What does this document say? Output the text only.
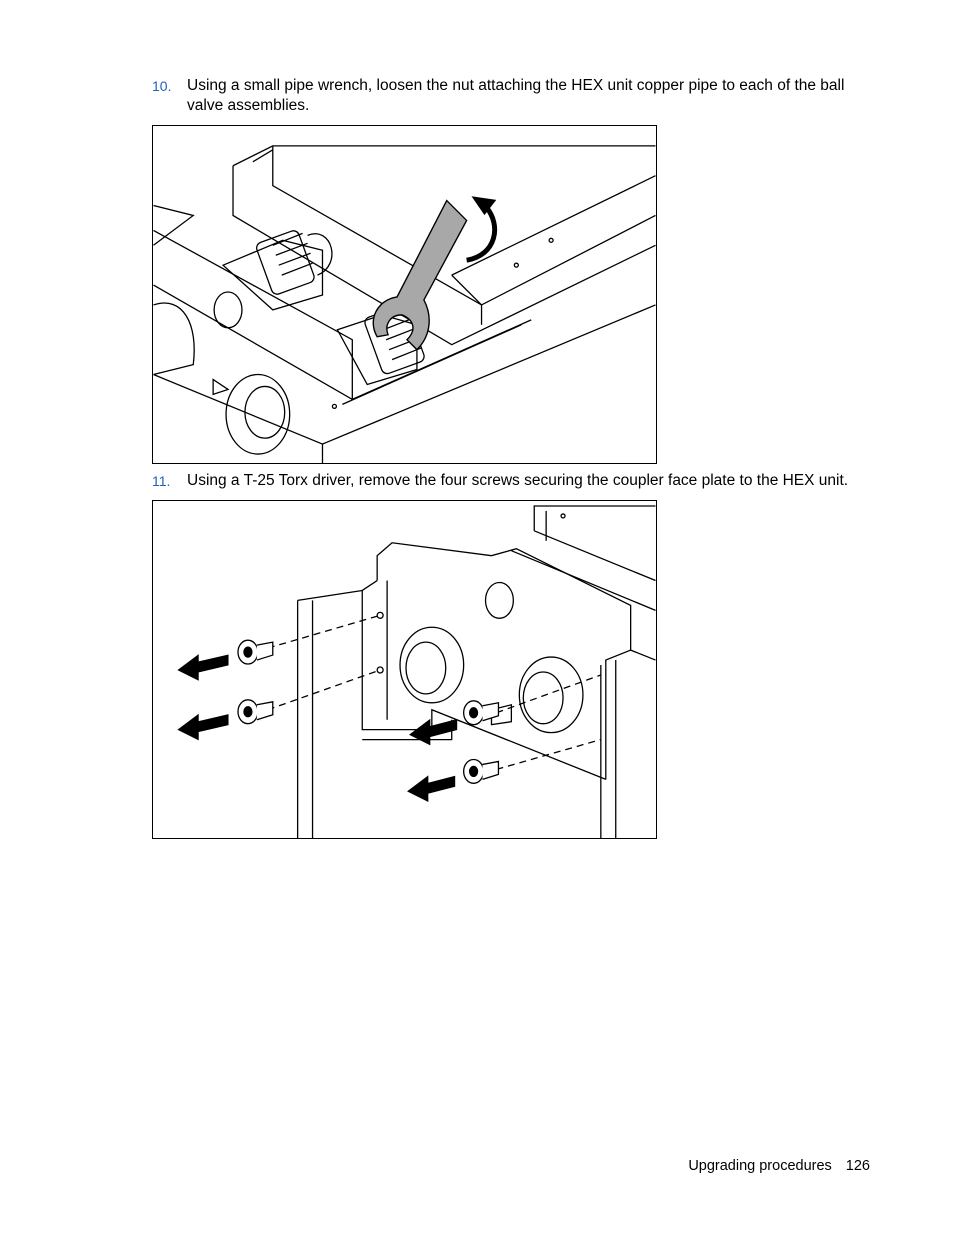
10. Using a small pipe wrench, loosen the nut attaching the HEX unit copper pipe to each of the ball valve assemblies.
11. Using a T-25 Torx driver, remove the four screws securing the coupler face plate to the HEX unit.
Upgrading procedures 126
